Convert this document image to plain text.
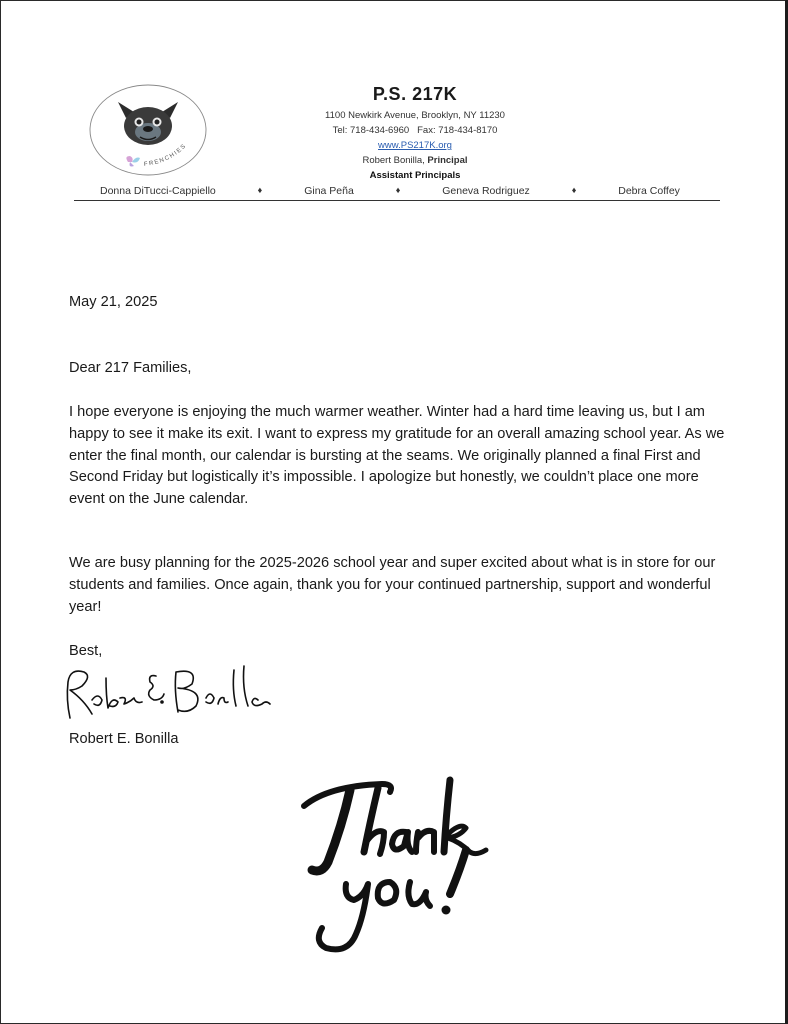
FRENCHIES
P.S. 217K
1100 Newkirk Avenue, Brooklyn, NY 11230
Tel: 718-434-6960 Fax: 718-434-8170
www.PS217K.org
Robert Bonilla, Principal
Assistant Principals
Donna DiTucci-Cappiello	♦	Gina Peña	♦	Geneva Rodriguez	♦	Debra Coffey
May 21, 2025
Dear 217 Families,
I hope everyone is enjoying the much warmer weather. Winter had a hard time leaving us, but I am happy to see it make its exit. I want to express my gratitude for an overall amazing school year. As we enter the final month, our calendar is bursting at the seams. We originally planned a final First and Second Friday but logistically it’s impossible. I apologize but honestly, we couldn’t place one more event on the June calendar.
We are busy planning for the 2025-2026 school year and super excited about what is in store for our students and families. Once again, thank you for your continued partnership, support and wonderful year!
Best,
Robert E. Bonilla
